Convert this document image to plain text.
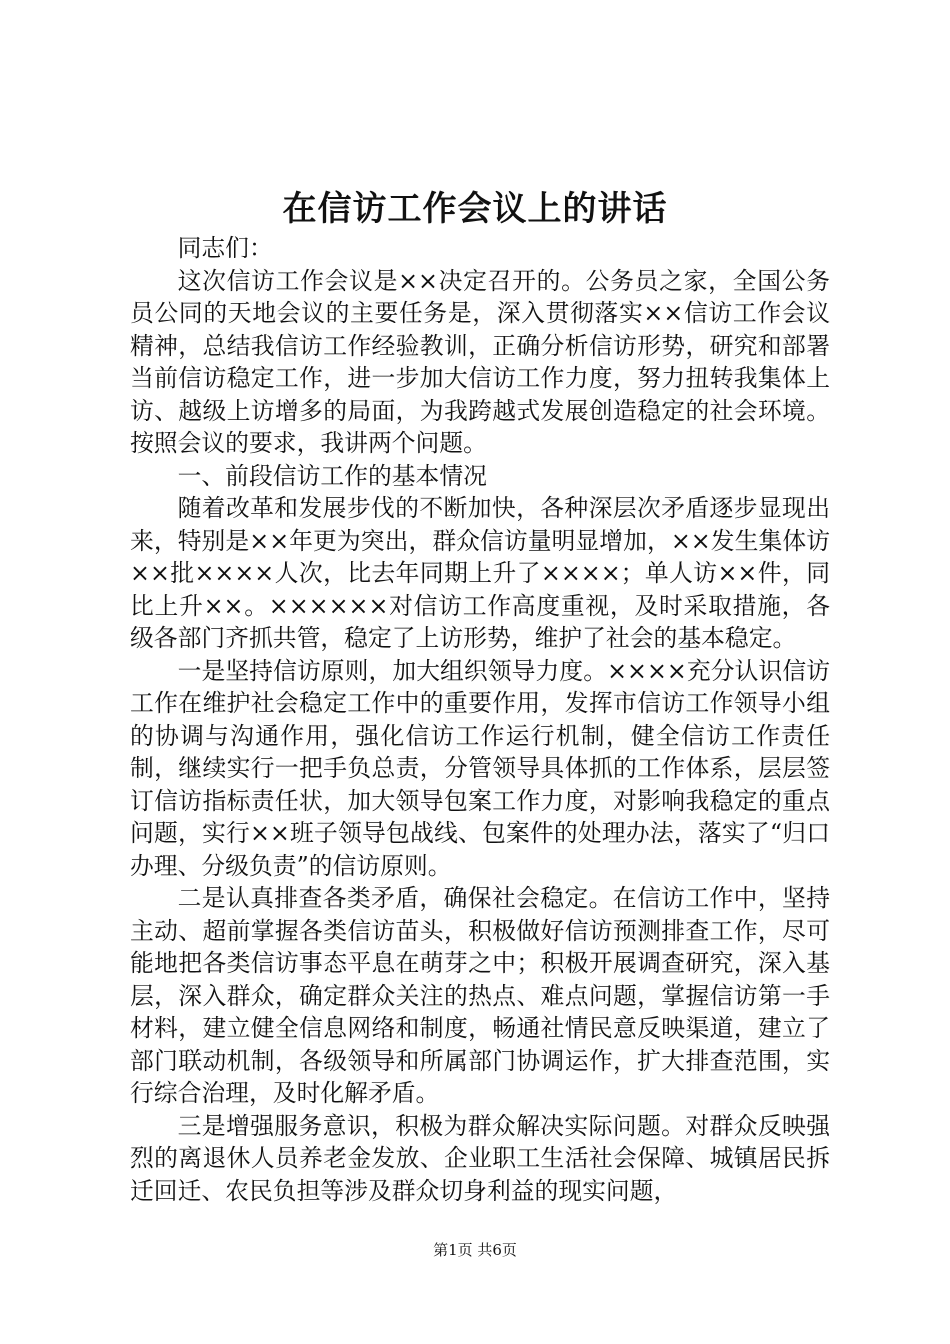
在信访工作会议上的讲话

同志们：

这次信访工作会议是××决定召开的。公务员之家，全国公务员公同的天地会议的主要任务是，深入贯彻落实××信访工作会议精神，总结我信访工作经验教训，正确分析信访形势，研究和部署当前信访稳定工作，进一步加大信访工作力度，努力扭转我集体上访、越级上访增多的局面，为我跨越式发展创造稳定的社会环境。按照会议的要求，我讲两个问题。

一、前段信访工作的基本情况

随着改革和发展步伐的不断加快，各种深层次矛盾逐步显现出来，特别是××年更为突出，群众信访量明显增加，××发生集体访××批××××人次，比去年同期上升了××××；单人访××件，同比上升××。××××××对信访工作高度重视，及时采取措施，各级各部门齐抓共管，稳定了上访形势，维护了社会的基本稳定。

一是坚持信访原则，加大组织领导力度。××××充分认识信访工作在维护社会稳定工作中的重要作用，发挥市信访工作领导小组的协调与沟通作用，强化信访工作运行机制，健全信访工作责任制，继续实行一把手负总责，分管领导具体抓的工作体系，层层签订信访指标责任状，加大领导包案工作力度，对影响我稳定的重点问题，实行××班子领导包战线、包案件的处理办法，落实了“归口办理、分级负责”的信访原则。

二是认真排查各类矛盾，确保社会稳定。在信访工作中，坚持主动、超前掌握各类信访苗头，积极做好信访预测排查工作，尽可能地把各类信访事态平息在萌芽之中；积极开展调查研究，深入基层，深入群众，确定群众关注的热点、难点问题，掌握信访第一手材料，建立健全信息网络和制度，畅通社情民意反映渠道，建立了部门联动机制，各级领导和所属部门协调运作，扩大排查范围，实行综合治理，及时化解矛盾。

三是增强服务意识，积极为群众解决实际问题。对群众反映强烈的离退休人员养老金发放、企业职工生活社会保障、城镇居民拆迁回迁、农民负担等涉及群众切身利益的现实问题，

第1页 共6页
